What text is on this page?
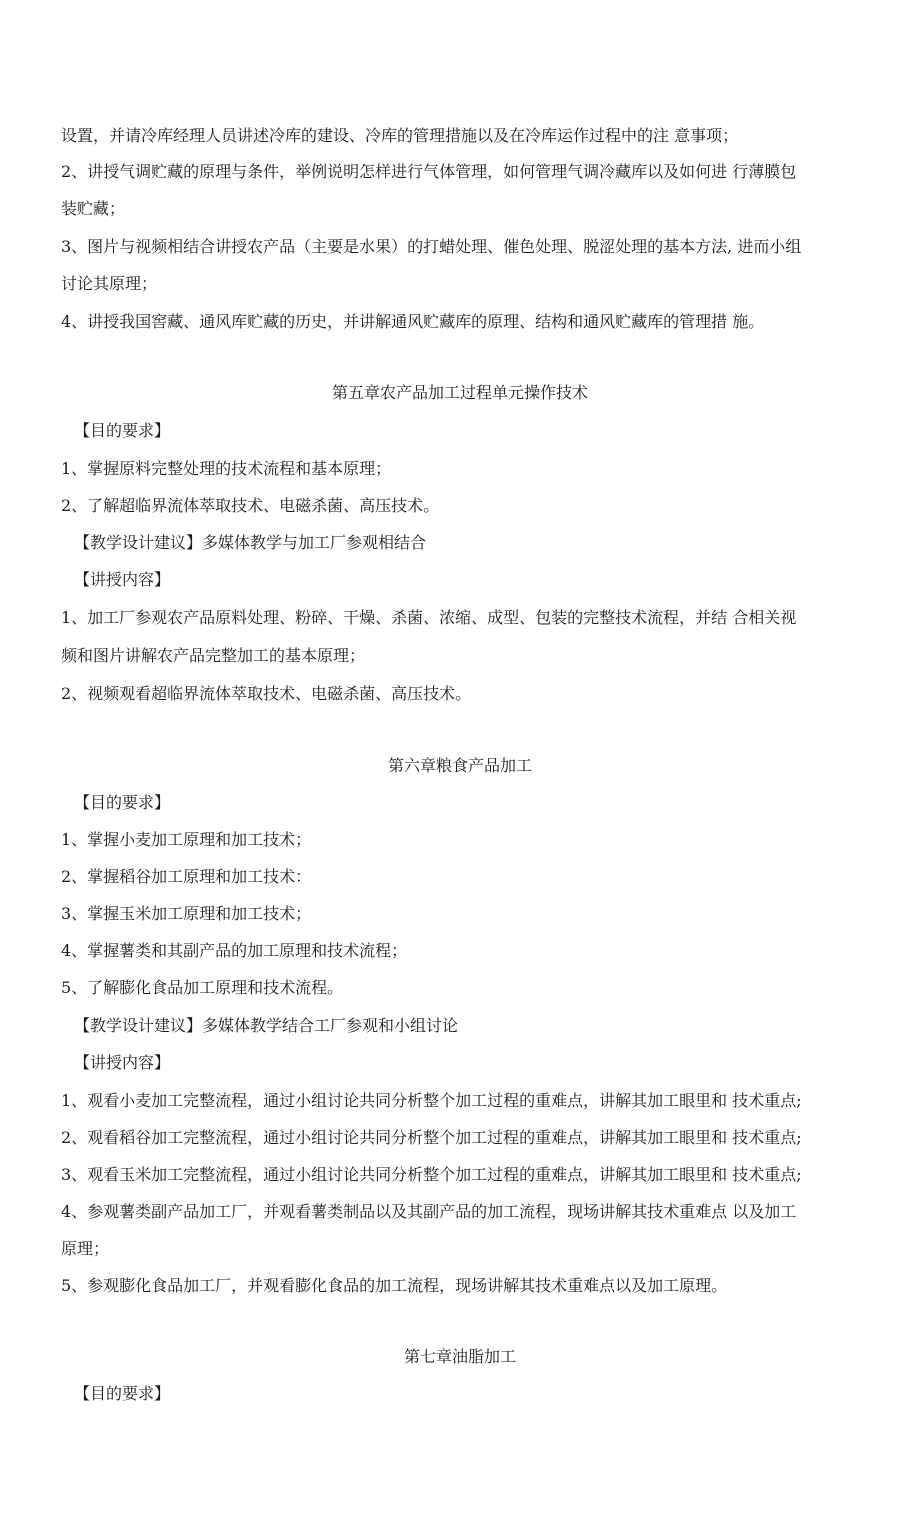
设置，并请冷库经理人员讲述冷库的建设、冷库的管理措施以及在冷库运作过程中的注 意事项；
2、讲授气调贮藏的原理与条件，举例说明怎样进行气体管理，如何管理气调冷藏库以及如何进 行薄膜包
装贮藏；
3、图片与视频相结合讲授农产品（主要是水果）的打蜡处理、催色处理、脱涩处理的基本方法, 进而小组
讨论其原理；
4、讲授我国窖藏、通风库贮藏的历史，并讲解通风贮藏库的原理、结构和通风贮藏库的管理措 施。
第五章农产品加工过程单元操作技术
【目的要求】
1、掌握原料完整处理的技术流程和基本原理；
2、了解超临界流体萃取技术、电磁杀菌、高压技术。
【教学设计建议】多媒体教学与加工厂参观相结合
【讲授内容】
1、加工厂参观农产品原料处理、粉碎、干燥、杀菌、浓缩、成型、包装的完整技术流程，并结 合相关视
频和图片讲解农产品完整加工的基本原理；
2、视频观看超临界流体萃取技术、电磁杀菌、高压技术。
第六章粮食产品加工
【目的要求】
1、掌握小麦加工原理和加工技术；
2、掌握稻谷加工原理和加工技术：
3、掌握玉米加工原理和加工技术；
4、掌握薯类和其副产品的加工原理和技术流程；
5、了解膨化食品加工原理和技术流程。
【教学设计建议】多媒体教学结合工厂参观和小组讨论
【讲授内容】
1、观看小麦加工完整流程，通过小组讨论共同分析整个加工过程的重难点，讲解其加工眼里和 技术重点;
2、观看稻谷加工完整流程，通过小组讨论共同分析整个加工过程的重难点，讲解其加工眼里和 技术重点;
3、观看玉米加工完整流程，通过小组讨论共同分析整个加工过程的重难点，讲解其加工眼里和 技术重点;
4、参观薯类副产品加工厂，并观看薯类制品以及其副产品的加工流程，现场讲解其技术重难点 以及加工
原理；
5、参观膨化食品加工厂，并观看膨化食品的加工流程，现场讲解其技术重难点以及加工原理。
第七章油脂加工
【目的要求】
